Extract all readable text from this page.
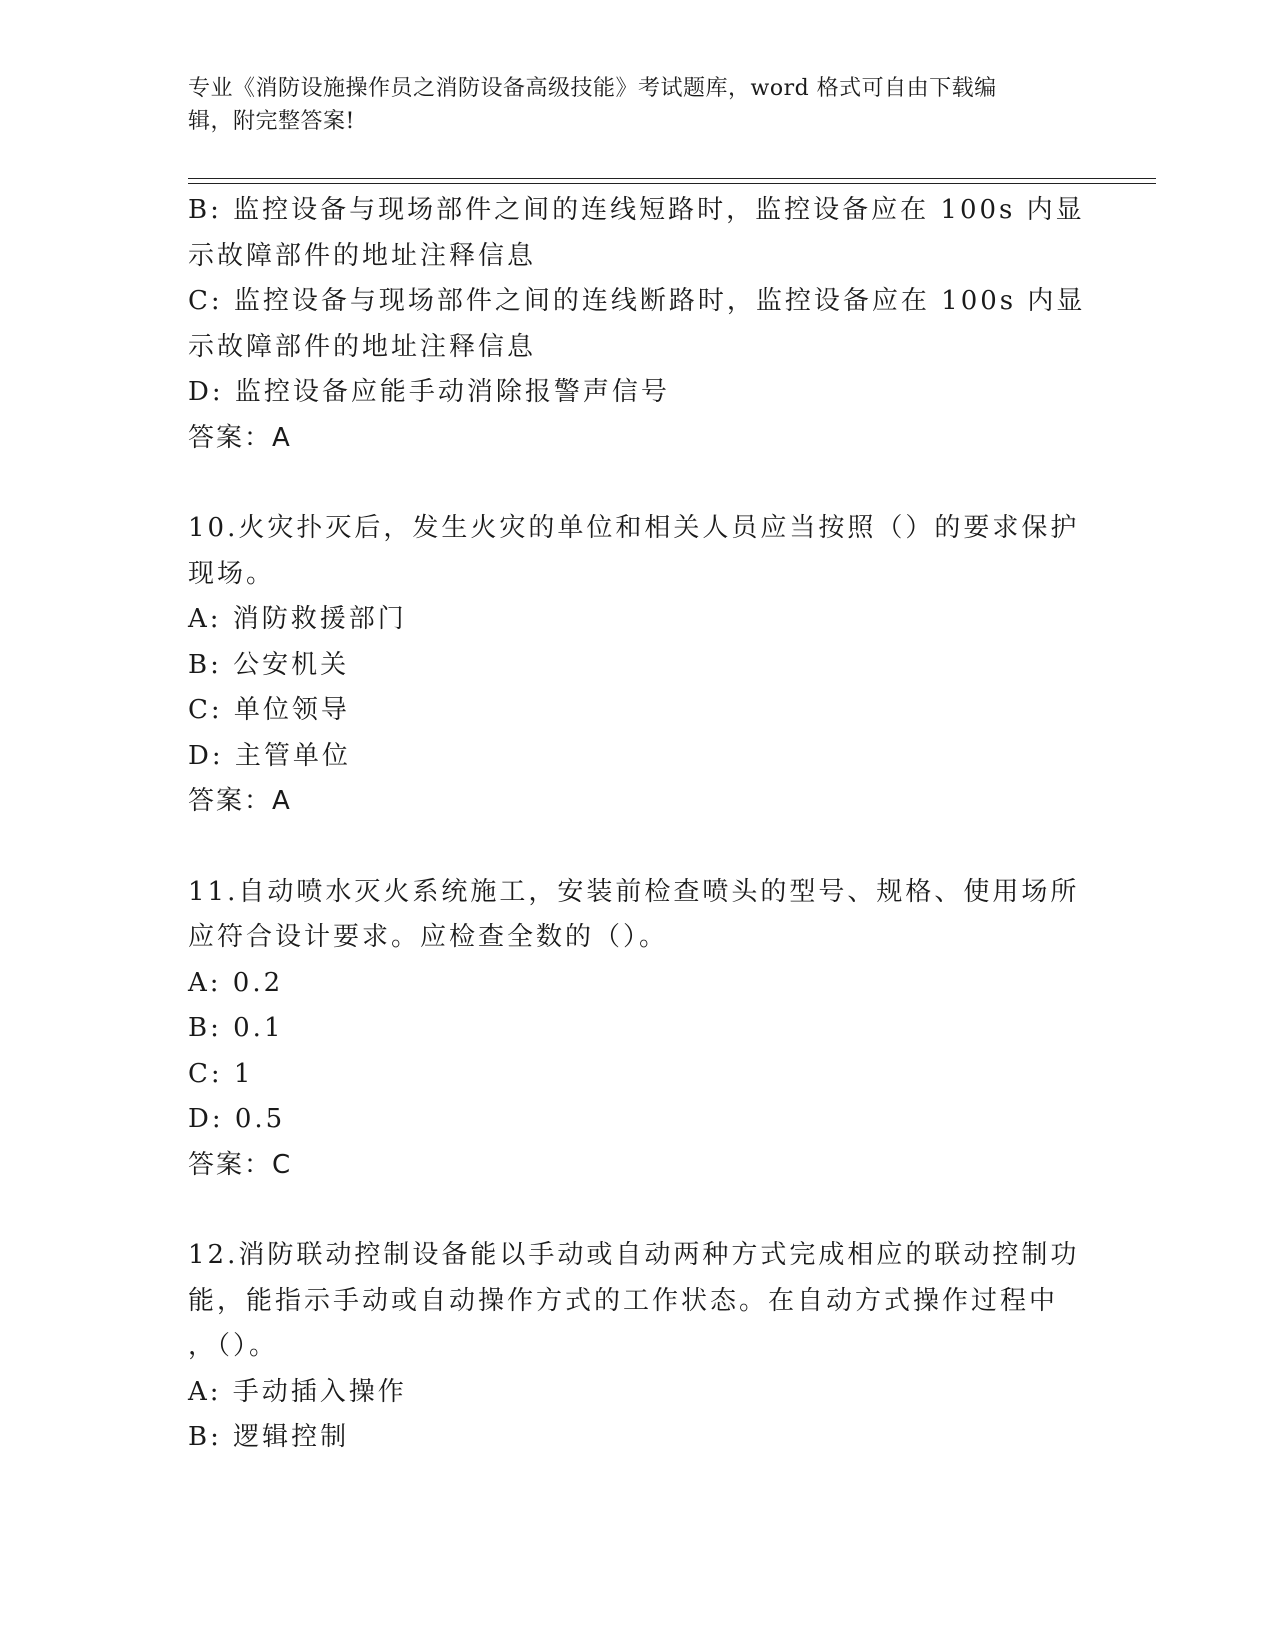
专业《消防设施操作员之消防设备高级技能》考试题库，word 格式可自由下载编
辑，附完整答案!
B: 监控设备与现场部件之间的连线短路时，监控设备应在 100s 内显
示故障部件的地址注释信息
C: 监控设备与现场部件之间的连线断路时，监控设备应在 100s 内显
示故障部件的地址注释信息
D: 监控设备应能手动消除报警声信号
答案：A
10.火灾扑灭后，发生火灾的单位和相关人员应当按照（）的要求保护
现场。
A: 消防救援部门
B: 公安机关
C: 单位领导
D: 主管单位
答案：A
11.自动喷水灭火系统施工，安装前检查喷头的型号、规格、使用场所
应符合设计要求。应检查全数的（）。
A: 0.2
B: 0.1
C: 1
D: 0.5
答案：C
12.消防联动控制设备能以手动或自动两种方式完成相应的联动控制功
能，能指示手动或自动操作方式的工作状态。在自动方式操作过程中
，（）。
A: 手动插入操作
B: 逻辑控制
